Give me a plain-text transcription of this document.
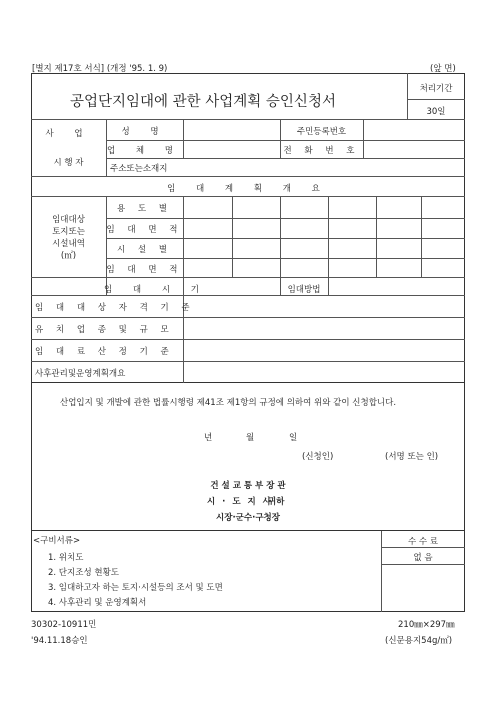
[별지 제17호 서식] (개정 '95. 1. 9)	(앞 면)
공업단지임대에 관한 사업계획 승인신청서
처리기간
30일
사 업
시 행 자
성 명	주민등록번호
업 체 명	전 화 번 호
주소또는소재지
임 대 계 획 개 요
임대대상
토지또는
시설내역
(㎡)
용 도 별
임 대 면 적
시 설 별
임 대 면 적
임 대 시 기	임대방법
임 대 대 상 자 격 기 준
유 치 업 종 및 규 모
임 대 료 산 정 기 준
사후관리및운영계획개요
산업입지 및 개발에 관한 법률시행령 제41조 제1항의 규정에 의하여 위와 같이 신청합니다.
년	월	일
(신청인)	(서명 또는 인)
건 설 교 통 부 장 관
시 · 도 지 사
귀하
시장·군수·구청장
<구비서류>
1. 위치도
2. 단지조성 현황도
3. 임대하고자 하는 토지·시설등의 조서 및 도면
4. 사후관리 및 운영계획서
수 수 료
없 음
30302-10911민
'94.11.18승인
210㎜×297㎜
(신문용지54g/㎡)
